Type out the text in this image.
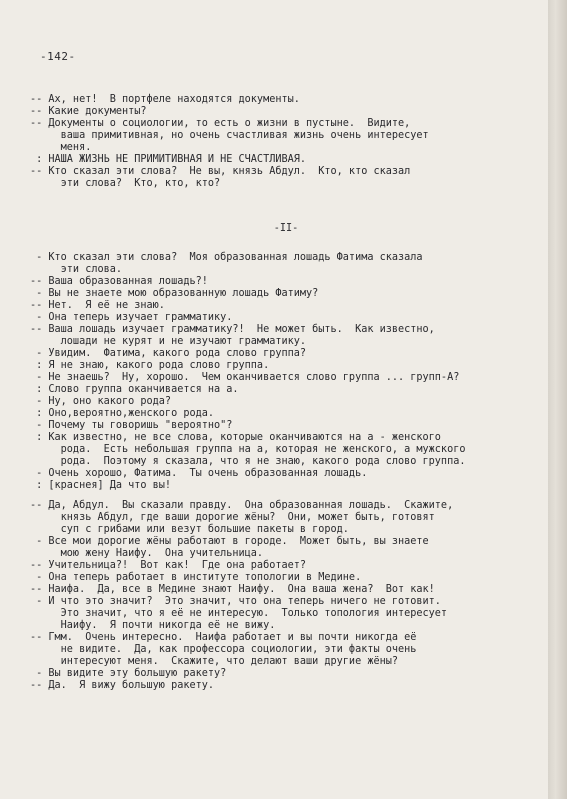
-142-
-- Ах, нет!  В портфеле находятся документы.
-- Какие документы?
-- Документы о социологии, то есть о жизни в пустыне.  Видите,
ваша примитивная, но очень счастливая жизнь очень интересует
меня.
: НАША ЖИЗНЬ НЕ ПРИМИТИВНАЯ И НЕ СЧАСТЛИВАЯ.
-- Кто сказал эти слова?  Не вы, князь Абдул.  Кто, кто сказал
эти слова?  Кто, кто, кто?
-II-
- Кто сказал эти слова?  Моя образованная лошадь Фатима сказала
эти слова.
-- Ваша образованная лошадь?!
- Вы не знаете мою образованную лошадь Фатиму?
-- Нет.  Я её не знаю.
- Она теперь изучает грамматику.
-- Ваша лошадь изучает грамматику?!  Не может быть.  Как известно,
лошади не курят и не изучают грамматику.
- Увидим.  Фатима, какого рода слово группа?
: Я не знаю, какого рода слово группа.
- Не знаешь?  Ну, хорошо.  Чем оканчивается слово группа ... групп-А?
: Слово группа оканчивается на а.
- Ну, оно какого рода?
: Оно,вероятно,женского рода.
- Почему ты говоришь "вероятно"?
: Как известно, не все слова, которые оканчиваются на а - женского
рода.  Есть небольшая группа на а, которая не женского, а мужского
рода.  Поэтому я сказала, что я не знаю, какого рода слово группа.
- Очень хорошо, Фатима.  Ты очень образованная лошадь.
: [краснея] Да что вы!
-- Да, Абдул.  Вы сказали правду.  Она образованная лошадь.  Скажите,
князь Абдул, где ваши дорогие жёны?  Они, может быть, готовят
суп с грибами или везут большие пакеты в город.
- Все мои дорогие жёны работают в городе.  Может быть, вы знаете
мою жену Наифу.  Она учительница.
-- Учительница?!  Вот как!  Где она работает?
- Она теперь работает в институте топологии в Медине.
-- Наифа.  Да, все в Медине знают Наифу.  Она ваша жена?  Вот как!
- И что это значит?  Это значит, что она теперь ничего не готовит.
Это значит, что я её не интересую.  Только топология интересует
Наифу.  Я почти никогда её не вижу.
-- Гмм.  Очень интересно.  Наифа работает и вы почти никогда её
не видите.  Да, как профессора социологии, эти факты очень
интересуют меня.  Скажите, что делают ваши другие жёны?
- Вы видите эту большую ракету?
-- Да.  Я вижу большую ракету.
